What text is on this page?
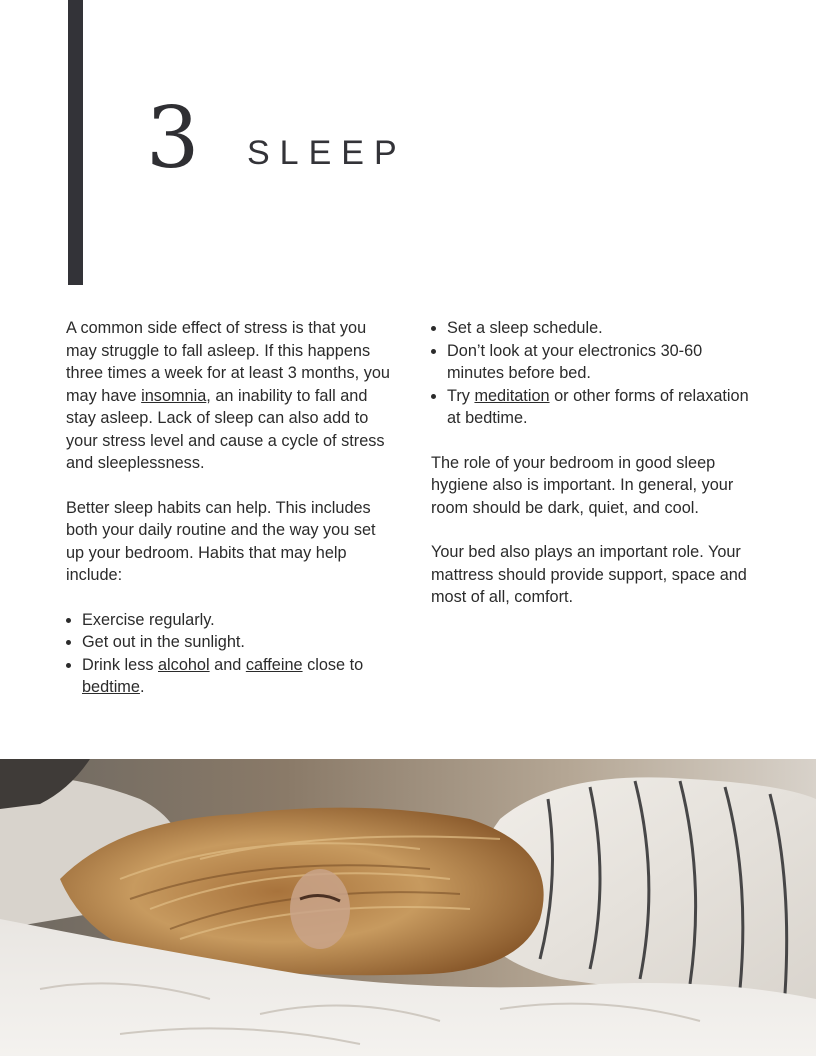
3 SLEEP

A common side effect of stress is that you may struggle to fall asleep. If this happens three times a week for at least 3 months, you may have insomnia, an inability to fall and stay asleep. Lack of sleep can also add to your stress level and cause a cycle of stress and sleeplessness.

Better sleep habits can help. This includes both your daily routine and the way you set up your bedroom. Habits that may help include:

• Exercise regularly.
• Get out in the sunlight.
• Drink less alcohol and caffeine close to bedtime.
• Set a sleep schedule.
• Don’t look at your electronics 30-60 minutes before bed.
• Try meditation or other forms of relaxation at bedtime.

The role of your bedroom in good sleep hygiene also is important. In general, your room should be dark, quiet, and cool.

Your bed also plays an important role. Your mattress should provide support, space and most of all, comfort.
